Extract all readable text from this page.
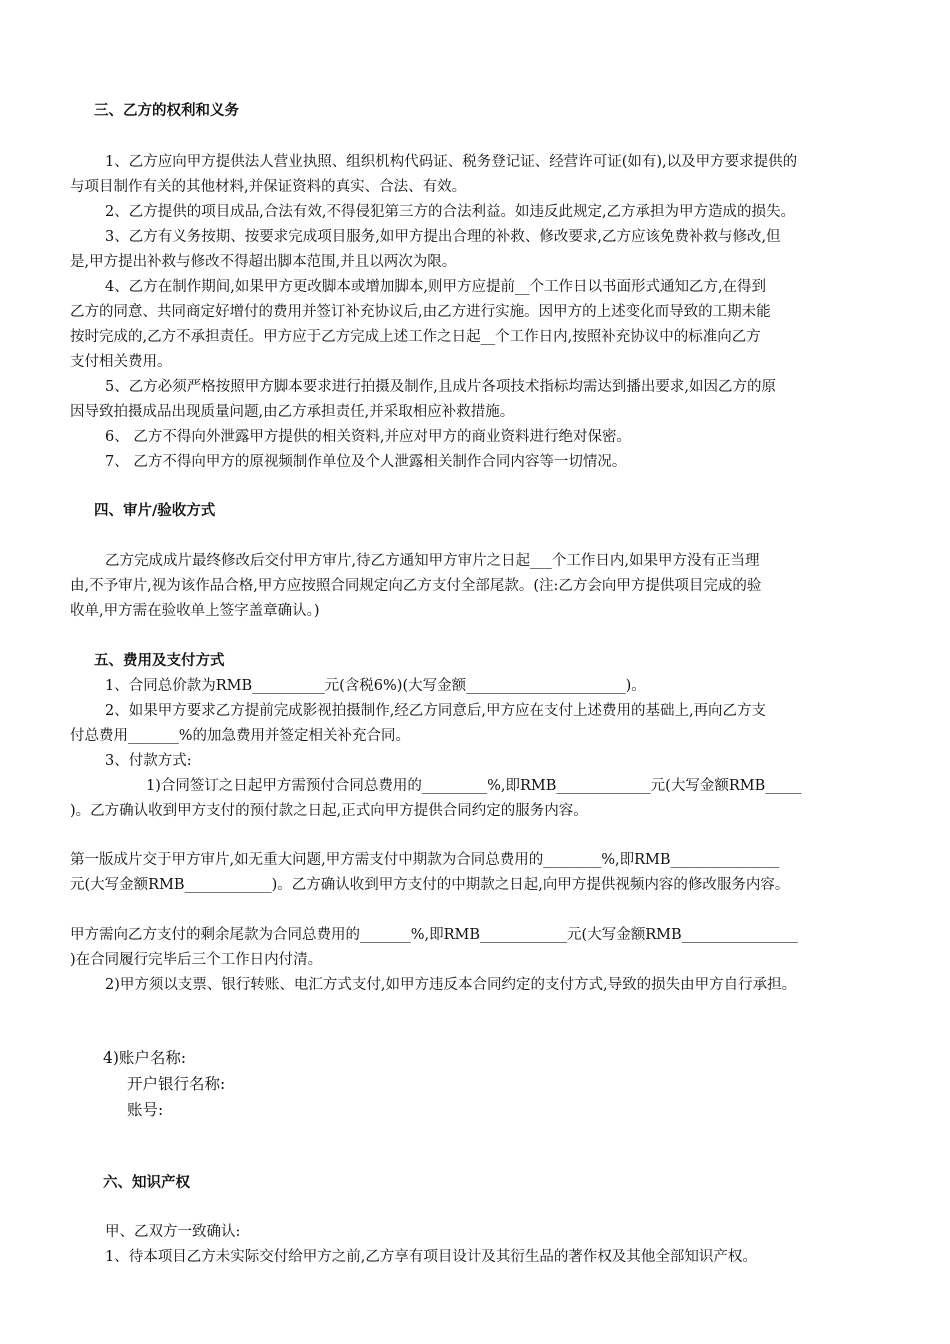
三、乙方的权利和义务
1、乙方应向甲方提供法人营业执照、组织机构代码证、税务登记证、经营许可证(如有),以及甲方要求提供的
与项目制作有关的其他材料,并保证资料的真实、合法、有效。
2、乙方提供的项目成品,合法有效,不得侵犯第三方的合法利益。如违反此规定,乙方承担为甲方造成的损失。
3、乙方有义务按期、按要求完成项目服务,如甲方提出合理的补救、修改要求,乙方应该免费补救与修改,但
是,甲方提出补救与修改不得超出脚本范围,并且以两次为限。
4、乙方在制作期间,如果甲方更改脚本或增加脚本,则甲方应提前__个工作日以书面形式通知乙方,在得到
乙方的同意、共同商定好增付的费用并签订补充协议后,由乙方进行实施。因甲方的上述变化而导致的工期未能
按时完成的,乙方不承担责任。甲方应于乙方完成上述工作之日起__个工作日内,按照补充协议中的标准向乙方
支付相关费用。
5、乙方必须严格按照甲方脚本要求进行拍摄及制作,且成片各项技术指标均需达到播出要求,如因乙方的原
因导致拍摄成品出现质量问题,由乙方承担责任,并采取相应补救措施。
6、 乙方不得向外泄露甲方提供的相关资料,并应对甲方的商业资料进行绝对保密。
7、 乙方不得向甲方的原视频制作单位及个人泄露相关制作合同内容等一切情况。
四、审片/验收方式
乙方完成成片最终修改后交付甲方审片,待乙方通知甲方审片之日起___个工作日内,如果甲方没有正当理
由,不予审片,视为该作品合格,甲方应按照合同规定向乙方支付全部尾款。(注:乙方会向甲方提供项目完成的验
收单,甲方需在验收单上签字盖章确认。)
五、费用及支付方式
1、合同总价款为RMB__________元(含税6%)(大写金额______________________)。
2、如果甲方要求乙方提前完成影视拍摄制作,经乙方同意后,甲方应在支付上述费用的基础上,再向乙方支
付总费用_______%的加急费用并签定相关补充合同。
3、付款方式:
1)合同签订之日起甲方需预付合同总费用的_________%,即RMB_____________元(大写金额RMB_____
)。乙方确认收到甲方支付的预付款之日起,正式向甲方提供合同约定的服务内容。
第一版成片交于甲方审片,如无重大问题,甲方需支付中期款为合同总费用的________%,即RMB_______________
元(大写金额RMB____________)。乙方确认收到甲方支付的中期款之日起,向甲方提供视频内容的修改服务内容。
甲方需向乙方支付的剩余尾款为合同总费用的_______%,即RMB____________元(大写金额RMB________________
)在合同履行完毕后三个工作日内付清。
2)甲方须以支票、银行转账、电汇方式支付,如甲方违反本合同约定的支付方式,导致的损失由甲方自行承担。
4)账户名称:
开户银行名称:
账号:
六、知识产权
甲、乙双方一致确认:
1、待本项目乙方未实际交付给甲方之前,乙方享有项目设计及其衍生品的著作权及其他全部知识产权。
